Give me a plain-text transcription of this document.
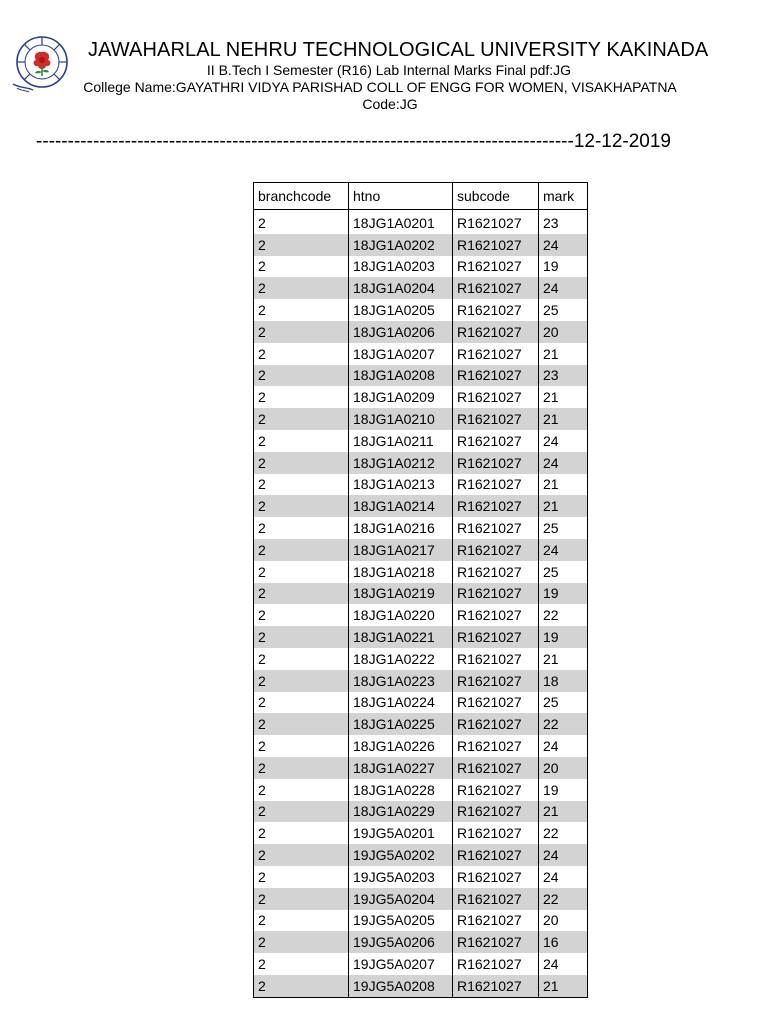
JAWAHARLAL NEHRU TECHNOLOGICAL UNIVERSITY KAKINADA
II B.Tech I Semester (R16) Lab Internal Marks Final pdf:JG
College Name:GAYATHRI VIDYA PARISHAD COLL OF ENGG FOR WOMEN, VISAKHAPATNA
Code:JG
-------------------------------------------------------------------------------------12-12-2019
branchcode	htno	subcode	mark
2	18JG1A0201	R1621027	23
2	18JG1A0202	R1621027	24
2	18JG1A0203	R1621027	19
2	18JG1A0204	R1621027	24
2	18JG1A0205	R1621027	25
2	18JG1A0206	R1621027	20
2	18JG1A0207	R1621027	21
2	18JG1A0208	R1621027	23
2	18JG1A0209	R1621027	21
2	18JG1A0210	R1621027	21
2	18JG1A0211	R1621027	24
2	18JG1A0212	R1621027	24
2	18JG1A0213	R1621027	21
2	18JG1A0214	R1621027	21
2	18JG1A0216	R1621027	25
2	18JG1A0217	R1621027	24
2	18JG1A0218	R1621027	25
2	18JG1A0219	R1621027	19
2	18JG1A0220	R1621027	22
2	18JG1A0221	R1621027	19
2	18JG1A0222	R1621027	21
2	18JG1A0223	R1621027	18
2	18JG1A0224	R1621027	25
2	18JG1A0225	R1621027	22
2	18JG1A0226	R1621027	24
2	18JG1A0227	R1621027	20
2	18JG1A0228	R1621027	19
2	18JG1A0229	R1621027	21
2	19JG5A0201	R1621027	22
2	19JG5A0202	R1621027	24
2	19JG5A0203	R1621027	24
2	19JG5A0204	R1621027	22
2	19JG5A0205	R1621027	20
2	19JG5A0206	R1621027	16
2	19JG5A0207	R1621027	24
2	19JG5A0208	R1621027	21
